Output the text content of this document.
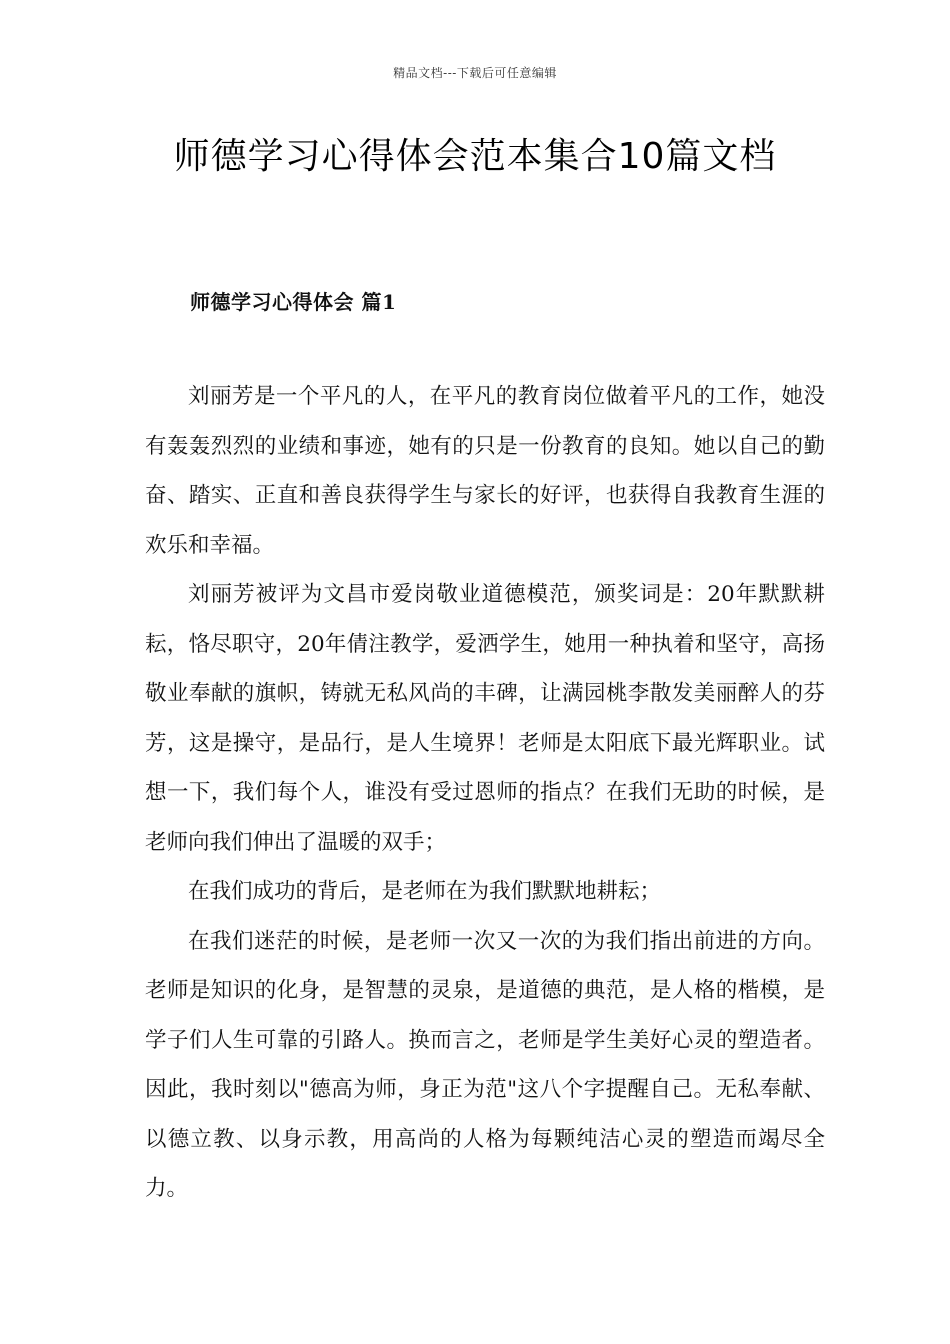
精品文档---下载后可任意编辑
师德学习心得体会范本集合10篇文档
师德学习心得体会 篇1

刘丽芳是一个平凡的人，在平凡的教育岗位做着平凡的工作，她没有轰轰烈烈的业绩和事迹，她有的只是一份教育的良知。她以自己的勤奋、踏实、正直和善良获得学生与家长的好评，也获得自我教育生涯的欢乐和幸福。

刘丽芳被评为文昌市爱岗敬业道德模范，颁奖词是：20年默默耕耘，恪尽职守，20年倩注教学，爱洒学生，她用一种执着和坚守，高扬敬业奉献的旗帜，铸就无私风尚的丰碑，让满园桃李散发美丽醉人的芬芳，这是操守，是品行，是人生境界！老师是太阳底下最光辉职业。试想一下，我们每个人，谁没有受过恩师的指点？在我们无助的时候，是老师向我们伸出了温暖的双手；

在我们成功的背后，是老师在为我们默默地耕耘；

在我们迷茫的时候，是老师一次又一次的为我们指出前进的方向。老师是知识的化身，是智慧的灵泉，是道德的典范，是人格的楷模，是学子们人生可靠的引路人。换而言之，老师是学生美好心灵的塑造者。因此，我时刻以"德高为师，身正为范"这八个字提醒自己。无私奉献、以德立教、以身示教，用高尚的人格为每颗纯洁心灵的塑造而竭尽全力。
